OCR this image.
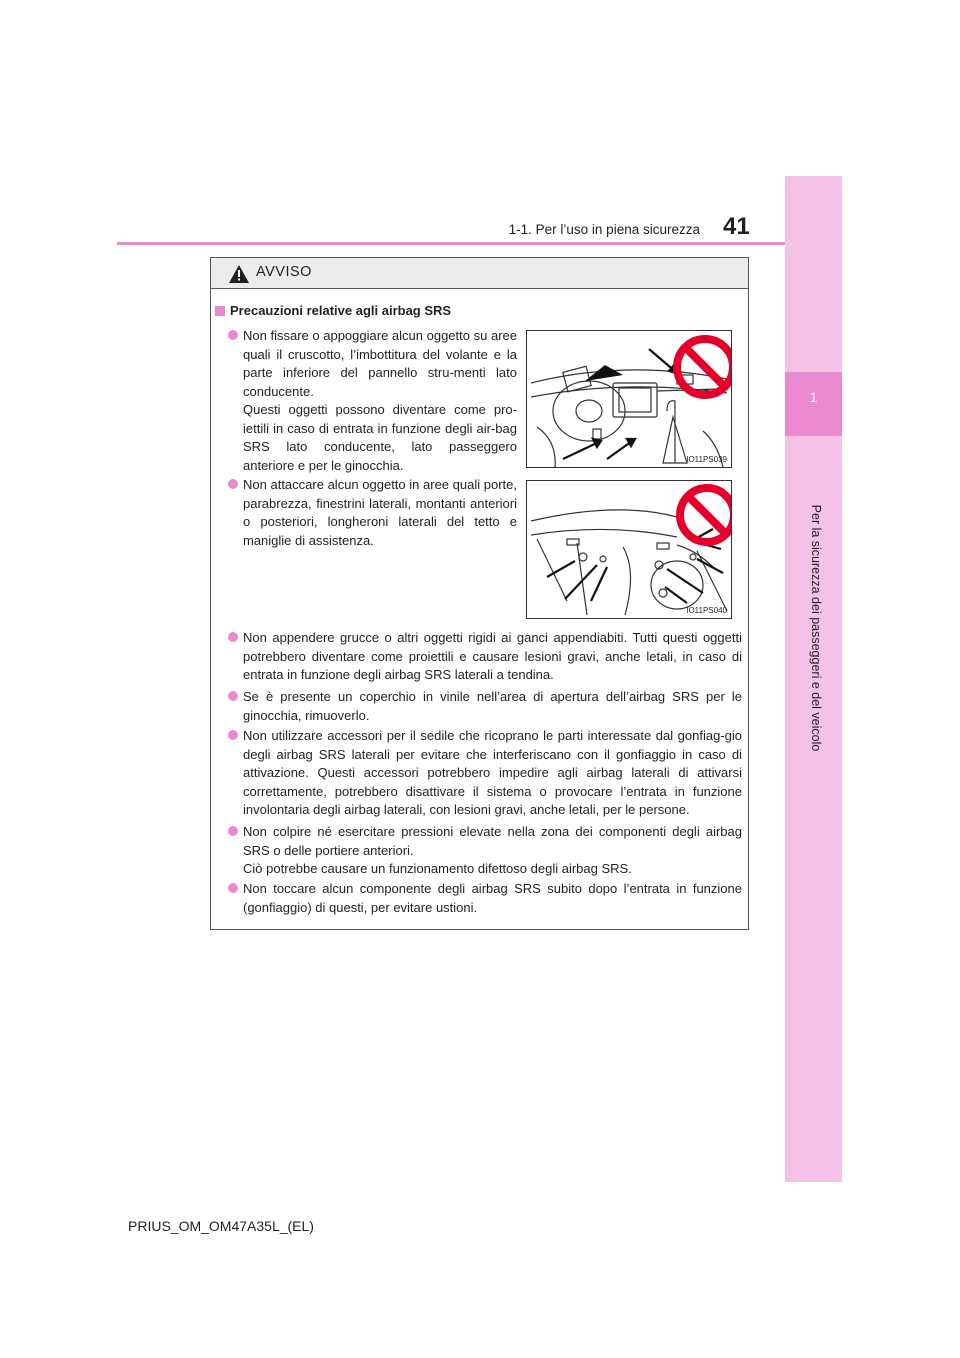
1-1. Per l’uso in piena sicurezza 41
1
Per la sicurezza dei passeggeri e del veicolo
AVVISO
Precauzioni relative agli airbag SRS

Non fissare o appoggiare alcun oggetto su aree quali il cruscotto, l’imbottitura del volante e la parte inferiore del pannello stru-menti lato conducente.

Questi oggetti possono diventare come pro-iettili in caso di entrata in funzione degli air-bag SRS lato conducente, lato passeggero anteriore e per le ginocchia.	IO11PS039

Non attaccare alcun oggetto in aree quali porte, parabrezza, finestrini laterali, montanti anteriori o posteriori, longheroni laterali del tetto e maniglie di assistenza.

IO11PS040

Non appendere grucce o altri oggetti rigidi ai ganci appendiabiti. Tutti questi oggetti potrebbero diventare come proiettili e causare lesioni gravi, anche letali, in caso di entrata in funzione degli airbag SRS laterali a tendina.

Se è presente un coperchio in vinile nell’area di apertura dell’airbag SRS per le ginocchia, rimuoverlo.

Non utilizzare accessori per il sedile che ricoprano le parti interessate dal gonfiag-gio degli airbag SRS laterali per evitare che interferiscano con il gonfiaggio in caso di attivazione. Questi accessori potrebbero impedire agli airbag laterali di attivarsi correttamente, potrebbero disattivare il sistema o provocare l’entrata in funzione involontaria degli airbag laterali, con lesioni gravi, anche letali, per le persone.

Non colpire né esercitare pressioni elevate nella zona dei componenti degli airbag SRS o delle portiere anteriori.

Ciò potrebbe causare un funzionamento difettoso degli airbag SRS.

Non toccare alcun componente degli airbag SRS subito dopo l’entrata in funzione (gonfiaggio) di questi, per evitare ustioni.

PRIUS_OM_OM47A35L_(EL)
